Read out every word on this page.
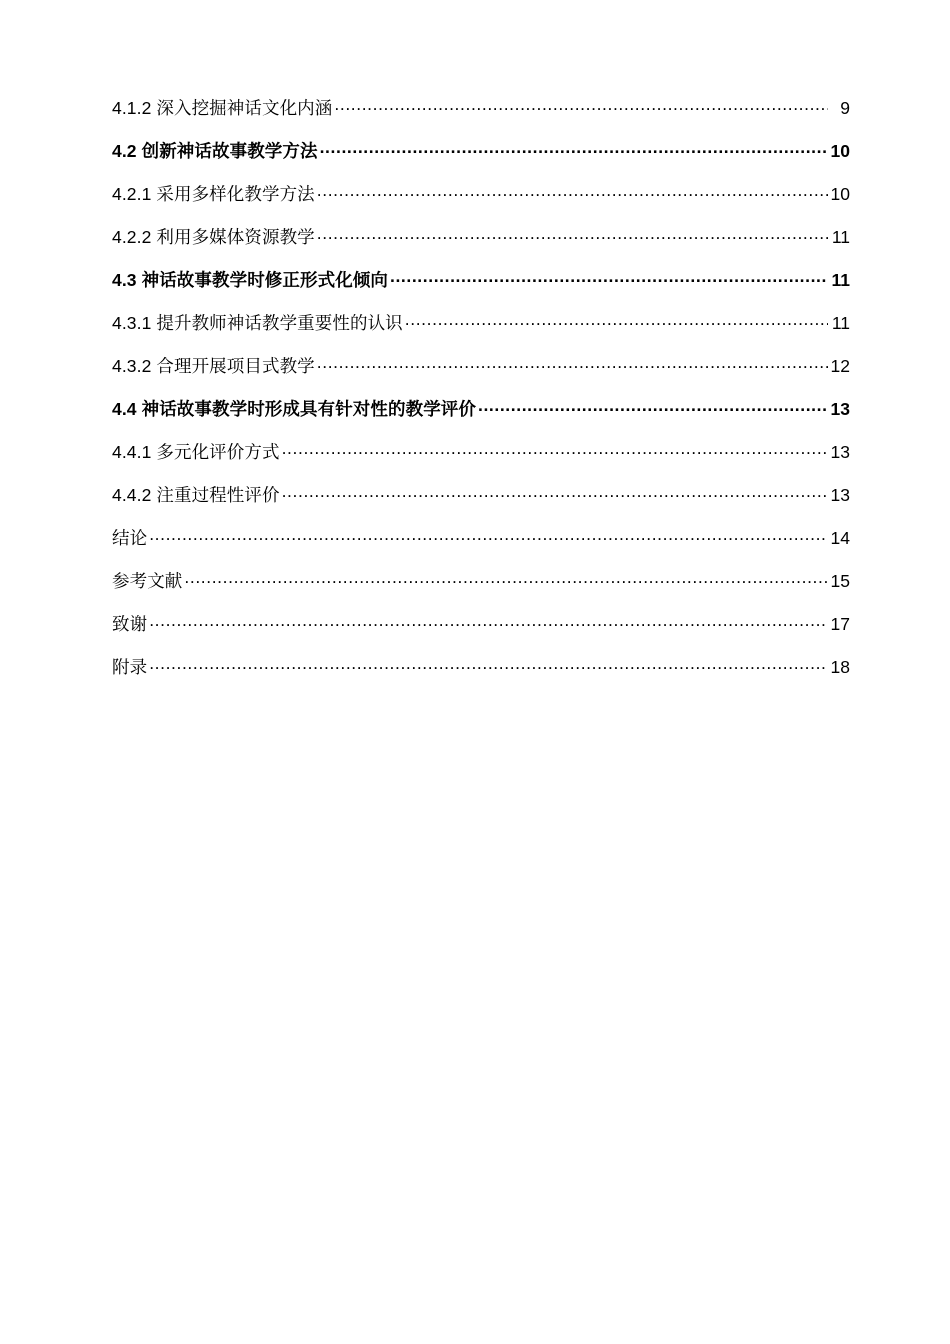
4.1.2 深入挖掘神话文化内涵 .....	9
4.2 创新神话故事教学方法 .....	10
4.2.1 采用多样化教学方法 .....	10
4.2.2 利用多媒体资源教学 .....	11
4.3 神话故事教学时修正形式化倾向 .....	11
4.3.1 提升教师神话教学重要性的认识 .....	11
4.3.2 合理开展项目式教学 .....	12
4.4 神话故事教学时形成具有针对性的教学评价 .....	13
4.4.1 多元化评价方式 .....	13
4.4.2 注重过程性评价 .....	13
结论 .....	14
参考文献 .....	15
致谢 .....	17
附录 .....	18
